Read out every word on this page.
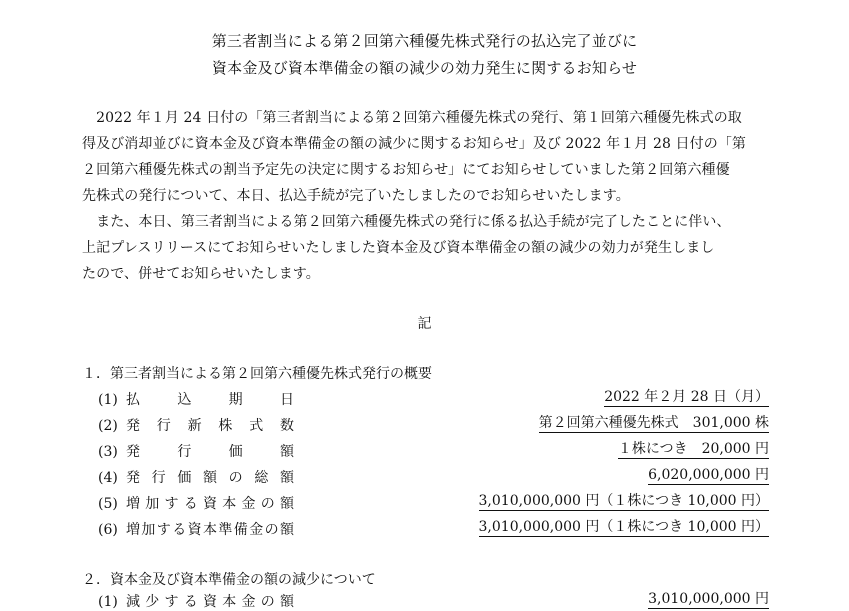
第三者割当による第２回第六種優先株式発行の払込完了並びに
資本金及び資本準備金の額の減少の効力発生に関するお知らせ
　2022 年１月 24 日付の「第三者割当による第２回第六種優先株式の発行、第１回第六種優先株式の取
得及び消却並びに資本金及び資本準備金の額の減少に関するお知らせ」及び 2022 年１月 28 日付の「第
２回第六種優先株式の割当予定先の決定に関するお知らせ」にてお知らせしていました第２回第六種優
先株式の発行について、本日、払込手続が完了いたしましたのでお知らせいたします。
　また、本日、第三者割当による第２回第六種優先株式の発行に係る払込手続が完了したことに伴い、
上記プレスリリースにてお知らせいたしました資本金及び資本準備金の額の減少の効力が発生しまし
たので、併せてお知らせいたします。
記
１．第三者割当による第２回第六種優先株式発行の概要
(1) 払込期日	2022 年２月 28 日（月）
(2) 発行新株式数	第２回第六種優先株式　301,000 株
(3) 発行価額	１株につき　20,000 円
(4) 発行価額の総額	6,020,000,000 円
(5) 増加する資本金の額	3,010,000,000 円（１株につき 10,000 円）
(6) 増加する資本準備金の額	3,010,000,000 円（１株につき 10,000 円）
２．資本金及び資本準備金の額の減少について
(1) 減少する資本金の額	3,010,000,000 円
